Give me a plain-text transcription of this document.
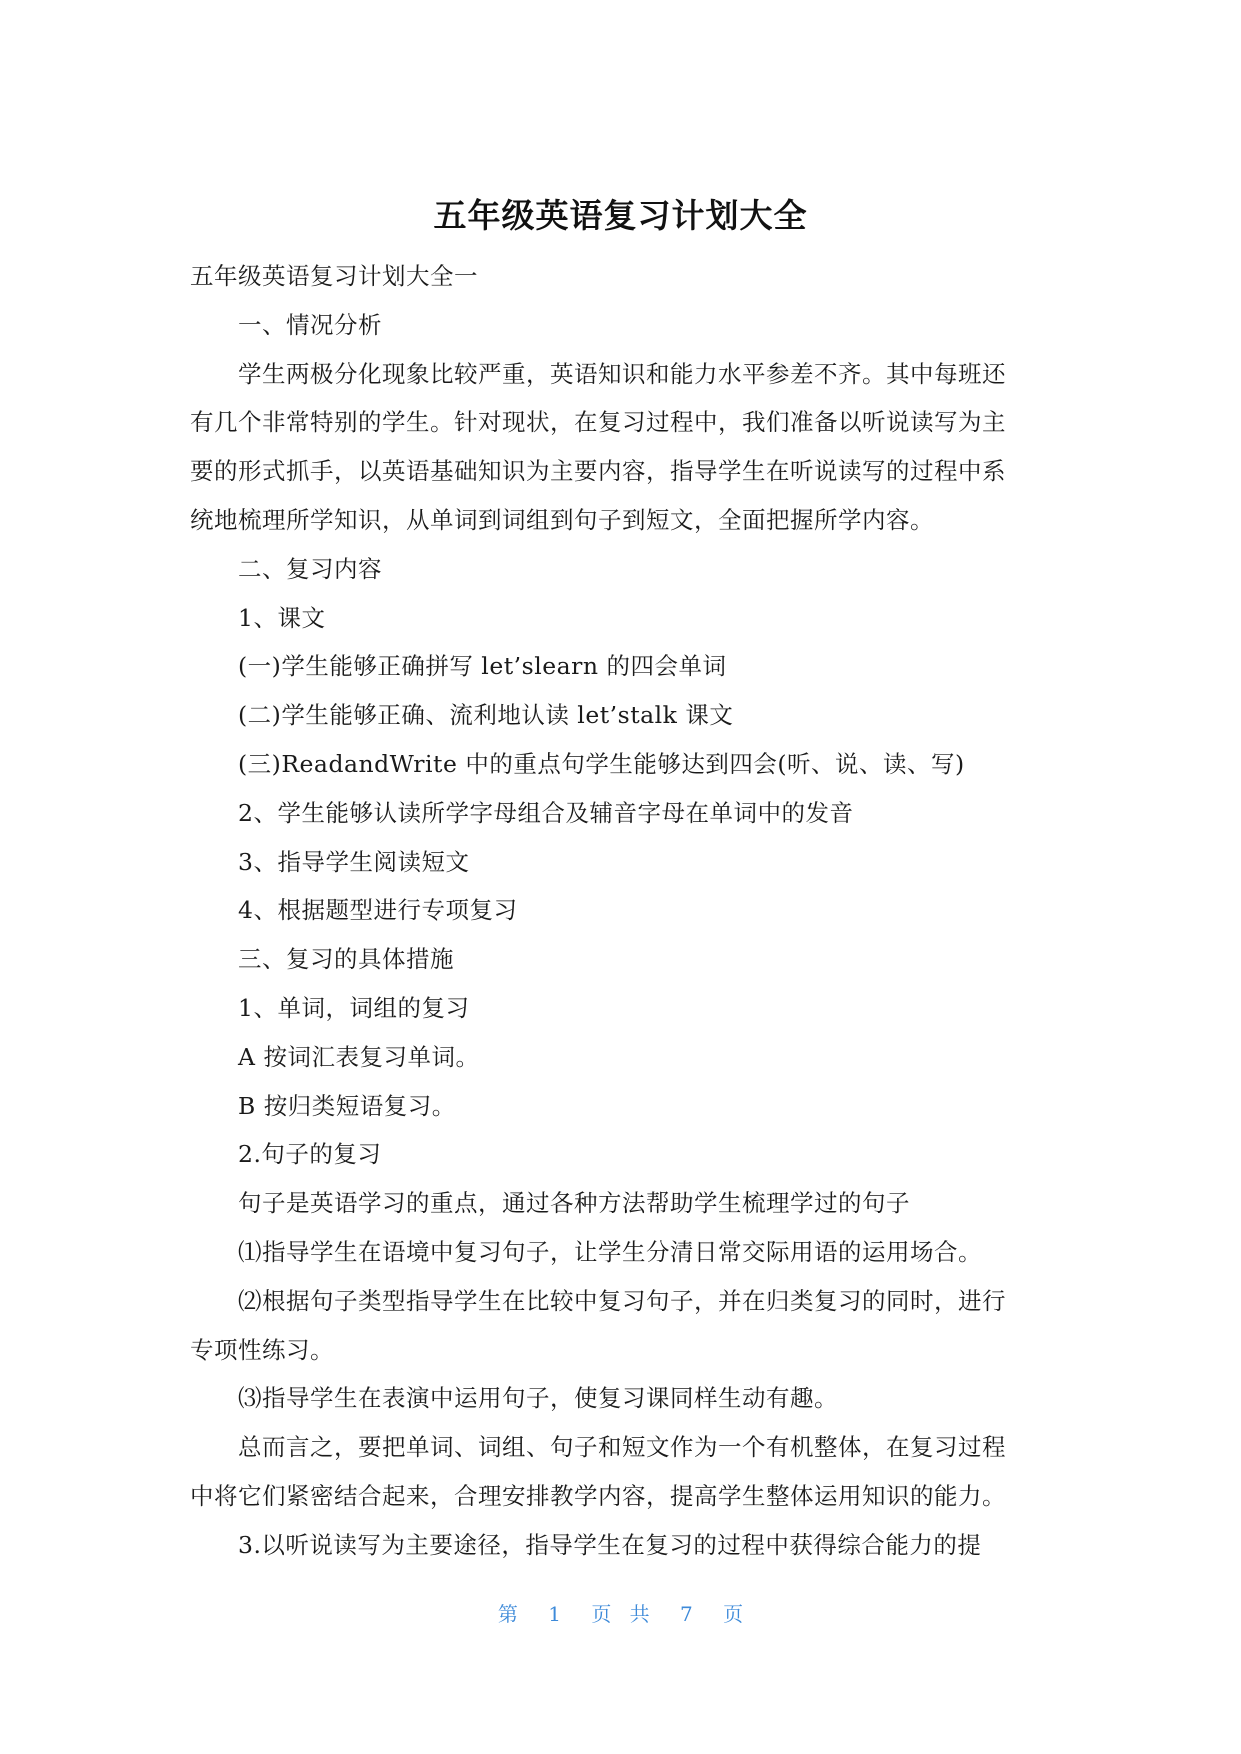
五年级英语复习计划大全
五年级英语复习计划大全一
一、情况分析
学生两极分化现象比较严重，英语知识和能力水平参差不齐。其中每班还
有几个非常特别的学生。针对现状，在复习过程中，我们准备以听说读写为主
要的形式抓手，以英语基础知识为主要内容，指导学生在听说读写的过程中系
统地梳理所学知识，从单词到词组到句子到短文，全面把握所学内容。
二、复习内容
1、课文
(一)学生能够正确拼写 let’slearn 的四会单词
(二)学生能够正确、流利地认读 let’stalk 课文
(三)ReadandWrite 中的重点句学生能够达到四会(听、说、读、写)
2、学生能够认读所学字母组合及辅音字母在单词中的发音
3、指导学生阅读短文
4、根据题型进行专项复习
三、复习的具体措施
1、单词，词组的复习
A 按词汇表复习单词。
B 按归类短语复习。
2.句子的复习
句子是英语学习的重点，通过各种方法帮助学生梳理学过的句子
⑴指导学生在语境中复习句子，让学生分清日常交际用语的运用场合。
⑵根据句子类型指导学生在比较中复习句子，并在归类复习的同时，进行
专项性练习。
⑶指导学生在表演中运用句子，使复习课同样生动有趣。
总而言之，要把单词、词组、句子和短文作为一个有机整体，在复习过程
中将它们紧密结合起来，合理安排教学内容，提高学生整体运用知识的能力。
3.以听说读写为主要途径，指导学生在复习的过程中获得综合能力的提
第 1 页 共 7 页
